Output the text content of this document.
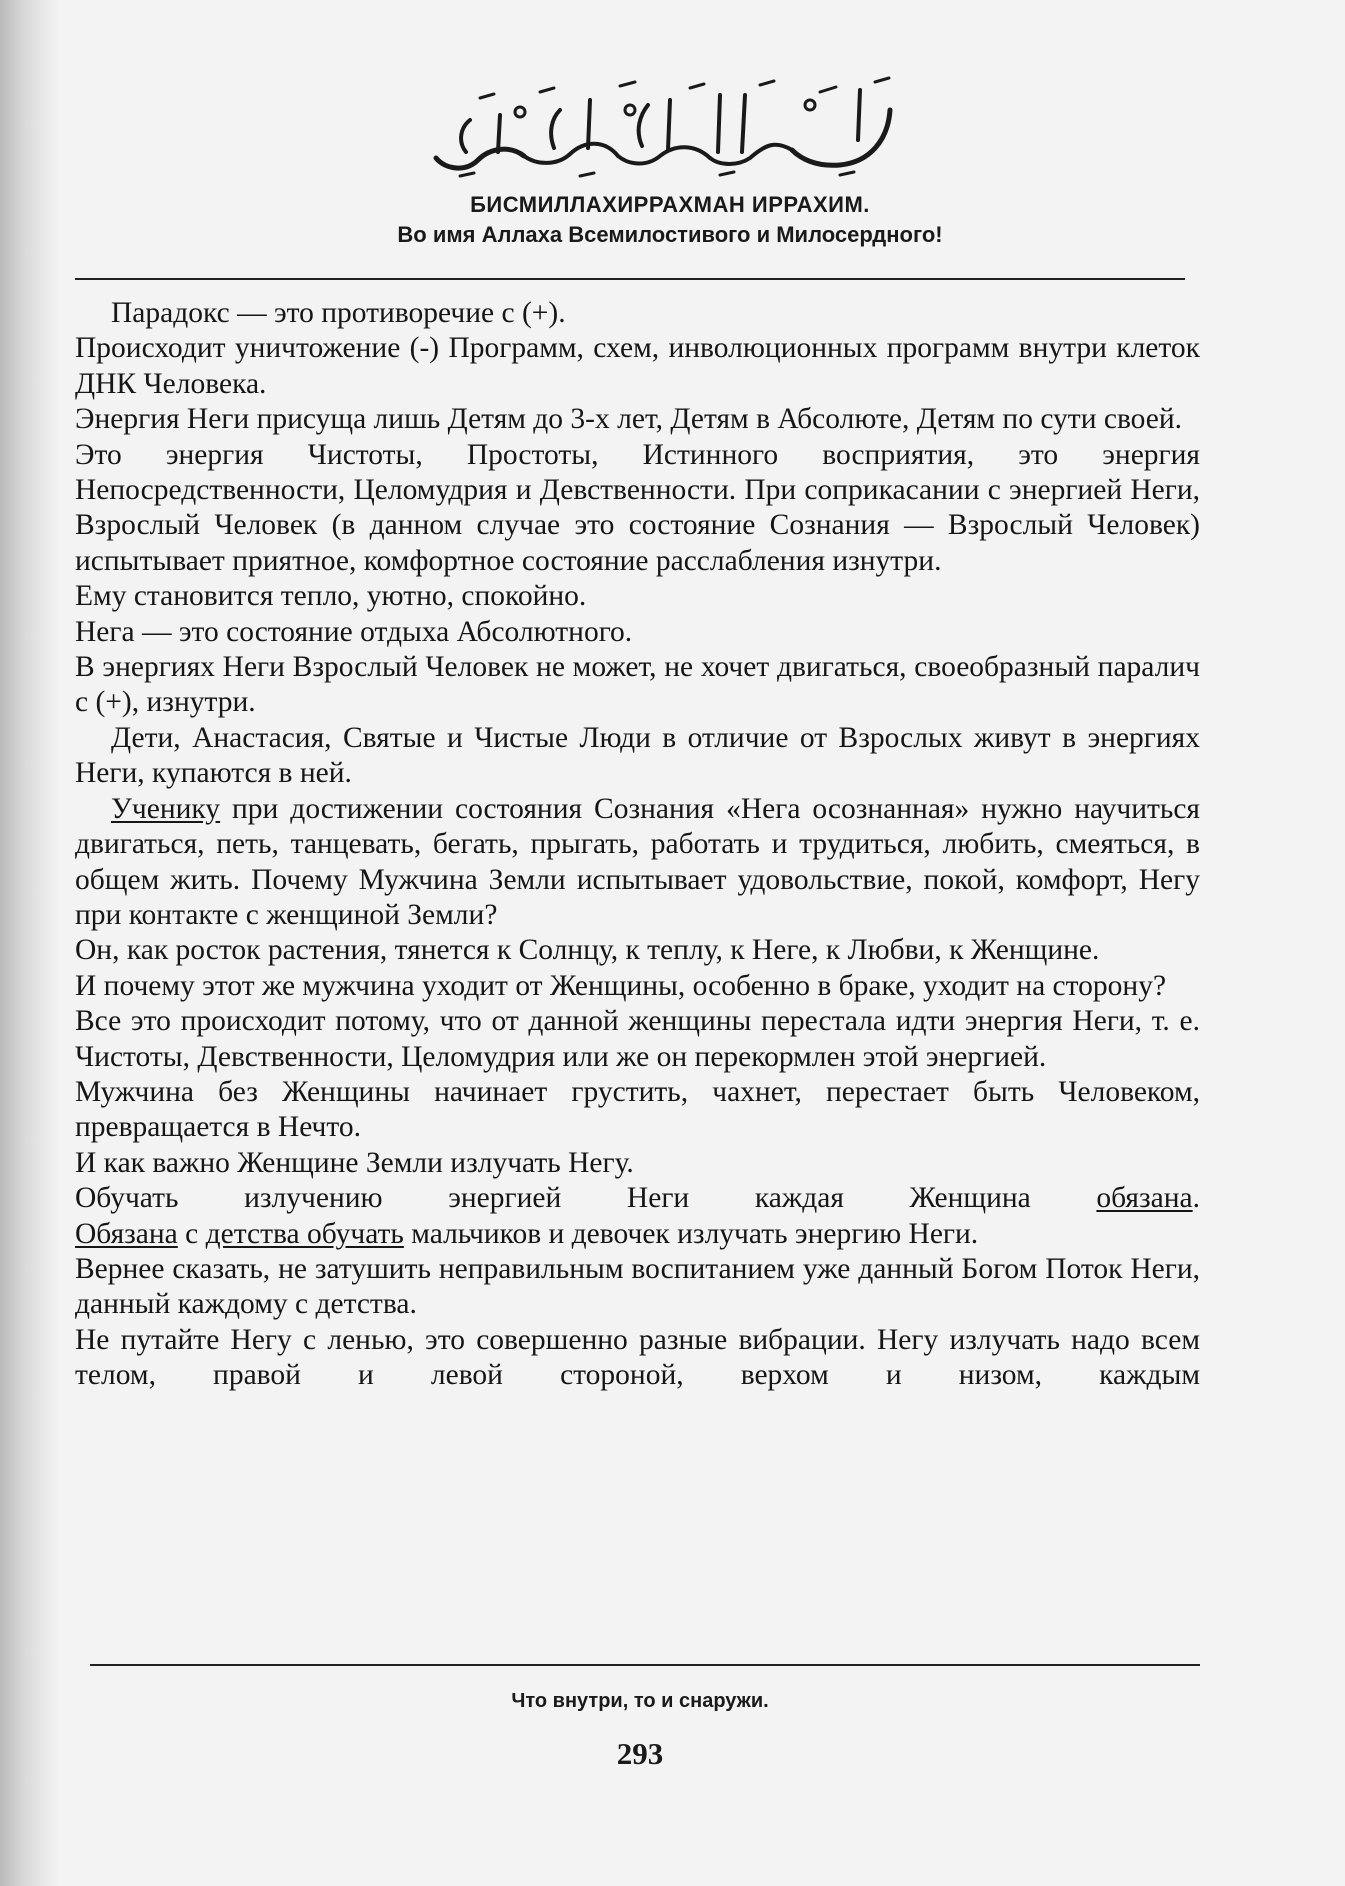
БИСМИЛЛАХИРРАХМАН ИРРАХИМ.
Во имя Аллаха Всемилостивого и Милосердного!

Парадокс — это противоречие с (+).

Происходит уничтожение (-) Программ, схем, инволюционных программ внутри клеток ДНК Человека.

Энергия Неги присуща лишь Детям до 3-х лет, Детям в Абсолюте, Детям по сути своей.

Это энергия Чистоты, Простоты, Истинного восприятия, это энергия Непосредственности, Целомудрия и Девственности. При соприкасании с энергией Неги, Взрослый Человек (в данном случае это состояние Сознания — Взрослый Человек) испытывает приятное, комфортное состояние расслабления изнутри.

Ему становится тепло, уютно, спокойно.

Нега — это состояние отдыха Абсолютного.

В энергиях Неги Взрослый Человек не может, не хочет двигаться, своеобразный паралич с (+), изнутри.

Дети, Анастасия, Святые и Чистые Люди в отличие от Взрослых живут в энергиях Неги, купаются в ней.

Ученику при достижении состояния Сознания «Нега осознанная» нужно научиться двигаться, петь, танцевать, бегать, прыгать, работать и трудиться, любить, смеяться, в общем жить. Почему Мужчина Земли испытывает удовольствие, покой, комфорт, Негу при контакте с женщиной Земли?

Он, как росток растения, тянется к Солнцу, к теплу, к Неге, к Любви, к Женщине.

И почему этот же мужчина уходит от Женщины, особенно в браке, уходит на сторону?

Все это происходит потому, что от данной женщины перестала идти энергия Неги, т. е. Чистоты, Девственности, Целомудрия или же он перекормлен этой энергией.

Мужчина без Женщины начинает грустить, чахнет, перестает быть Человеком, превращается в Нечто.

И как важно Женщине Земли излучать Негу.

Обучать излучению энергией Неги каждая Женщина обязана.

Обязана с детства обучать мальчиков и девочек излучать энергию Неги.

Вернее сказать, не затушить неправильным воспитанием уже данный Богом Поток Неги, данный каждому с детства.

Не путайте Негу с ленью, это совершенно разные вибрации. Негу излучать надо всем телом, правой и левой стороной, верхом и низом, каждым

Что внутри, то и снаружи.
293
